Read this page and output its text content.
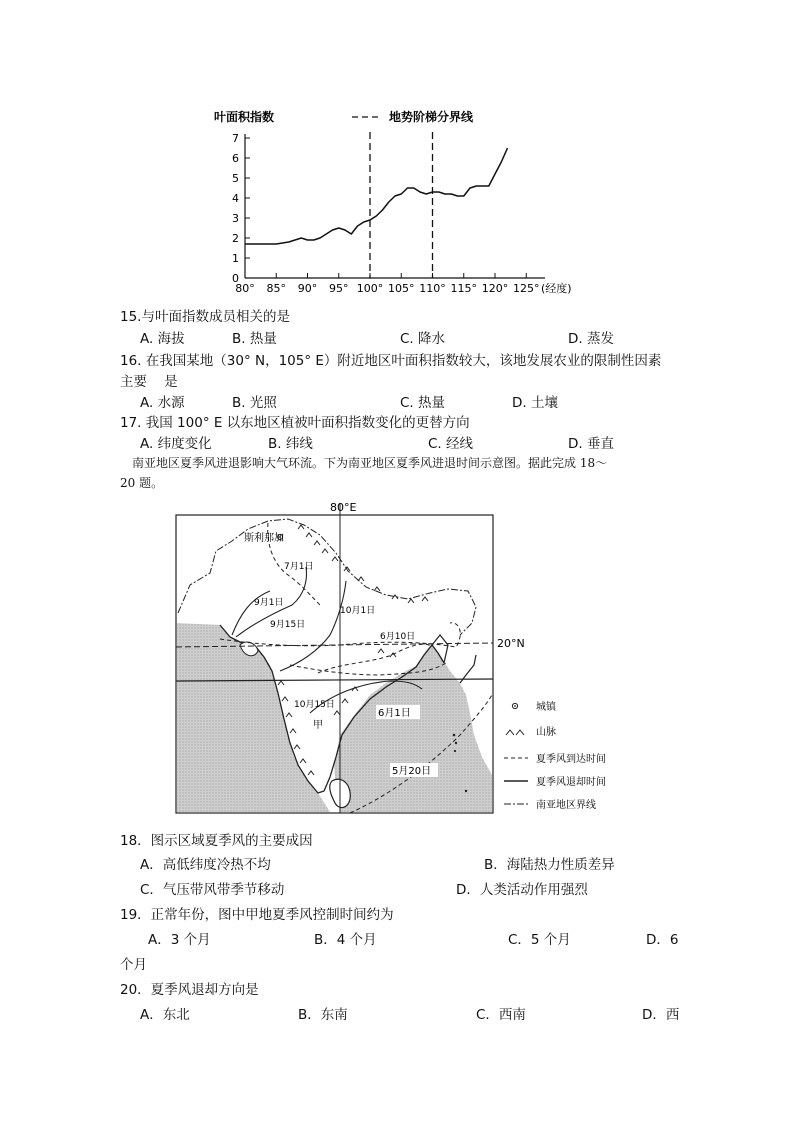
叶面积指数	地势阶梯分界线
0
1
2
3
4
5
6
7
80° 85° 90° 95° 100° 105° 110° 115° 120° 125° (经度)
15.与叶面指数成员相关的是
A. 海拔	B. 热量	C. 降水	D. 蒸发
16. 在我国某地（30° N，105° E）附近地区叶面积指数较大，该地发展农业的限制性因素
主要    是
A. 水源	B. 光照	C. 热量	D. 土壤
17. 我国 100° E 以东地区植被叶面积指数变化的更替方向
A. 纬度变化	B. 纬线	C. 经线	D. 垂直
南亚地区夏季风进退影响大气环流。下为南亚地区夏季风进退时间示意图。据此完成 18～
20 题。
80°E
20°N
斯利那加
7月1日
9月1日
9月15日
10月1日
6月10日
10月15日
6月1日
5月20日
甲
城镇
山脉
夏季风到达时间
夏季风退却时间
南亚地区界线
18．图示区域夏季风的主要成因
A．高低纬度冷热不均	B．海陆热力性质差异
C．气压带风带季节移动	D．人类活动作用强烈
19．正常年份，图中甲地夏季风控制时间约为
A．3 个月	B．4 个月	C．5 个月	D．6
个月
20．夏季风退却方向是
A．东北	B．东南	C．西南	D．西
